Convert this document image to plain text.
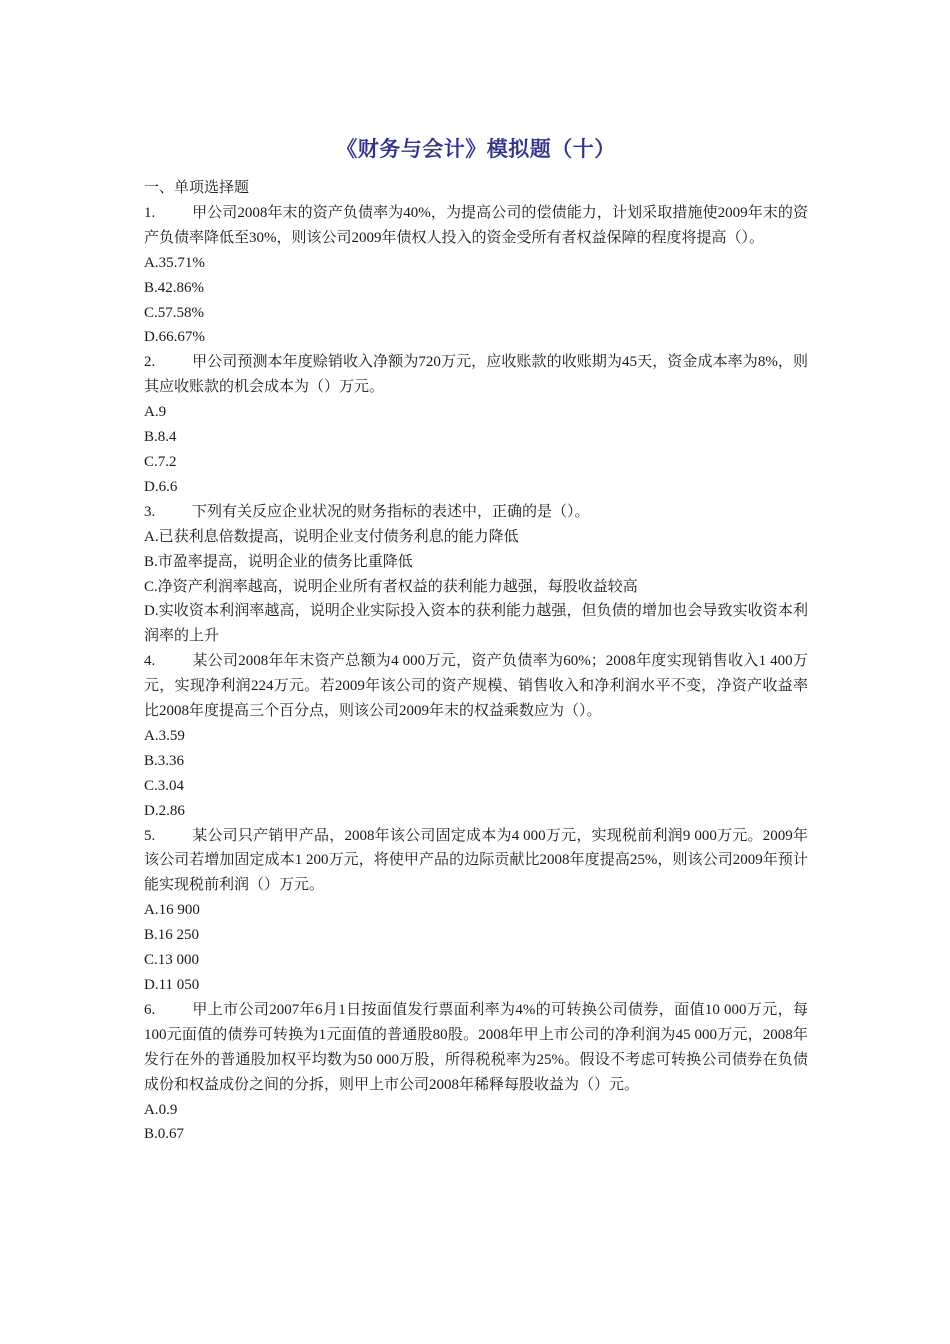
《财务与会计》模拟题（十）
一、单项选择题

1. 甲公司2008年末的资产负债率为40%，为提高公司的偿债能力，计划采取措施使2009年末的资产负债率降低至30%，则该公司2009年债权人投入的资金受所有者权益保障的程度将提高（）。

A.35.71%

B.42.86%

C.57.58%

D.66.67%

2. 甲公司预测本年度赊销收入净额为720万元，应收账款的收账期为45天，资金成本率为8%，则其应收账款的机会成本为（）万元。

A.9

B.8.4

C.7.2

D.6.6

3. 下列有关反应企业状况的财务指标的表述中，正确的是（）。

A.已获利息倍数提高，说明企业支付债务利息的能力降低

B.市盈率提高，说明企业的债务比重降低

C.净资产利润率越高，说明企业所有者权益的获利能力越强，每股收益较高

D.实收资本利润率越高，说明企业实际投入资本的获利能力越强，但负债的增加也会导致实收资本利润率的上升

4. 某公司2008年年末资产总额为4 000万元，资产负债率为60%；2008年度实现销售收入1 400万元，实现净利润224万元。若2009年该公司的资产规模、销售收入和净利润水平不变，净资产收益率比2008年度提高三个百分点，则该公司2009年末的权益乘数应为（）。

A.3.59

B.3.36

C.3.04

D.2.86

5. 某公司只产销甲产品，2008年该公司固定成本为4 000万元，实现税前利润9 000万元。2009年该公司若增加固定成本1 200万元，将使甲产品的边际贡献比2008年度提高25%，则该公司2009年预计能实现税前利润（）万元。

A.16 900

B.16 250

C.13 000

D.11 050

6. 甲上市公司2007年6月1日按面值发行票面利率为4%的可转换公司债券，面值10 000万元，每100元面值的债券可转换为1元面值的普通股80股。2008年甲上市公司的净利润为45 000万元，2008年发行在外的普通股加权平均数为50 000万股，所得税税率为25%。假设不考虑可转换公司债券在负债成份和权益成份之间的分拆，则甲上市公司2008年稀释每股收益为（）元。

A.0.9

B.0.67
